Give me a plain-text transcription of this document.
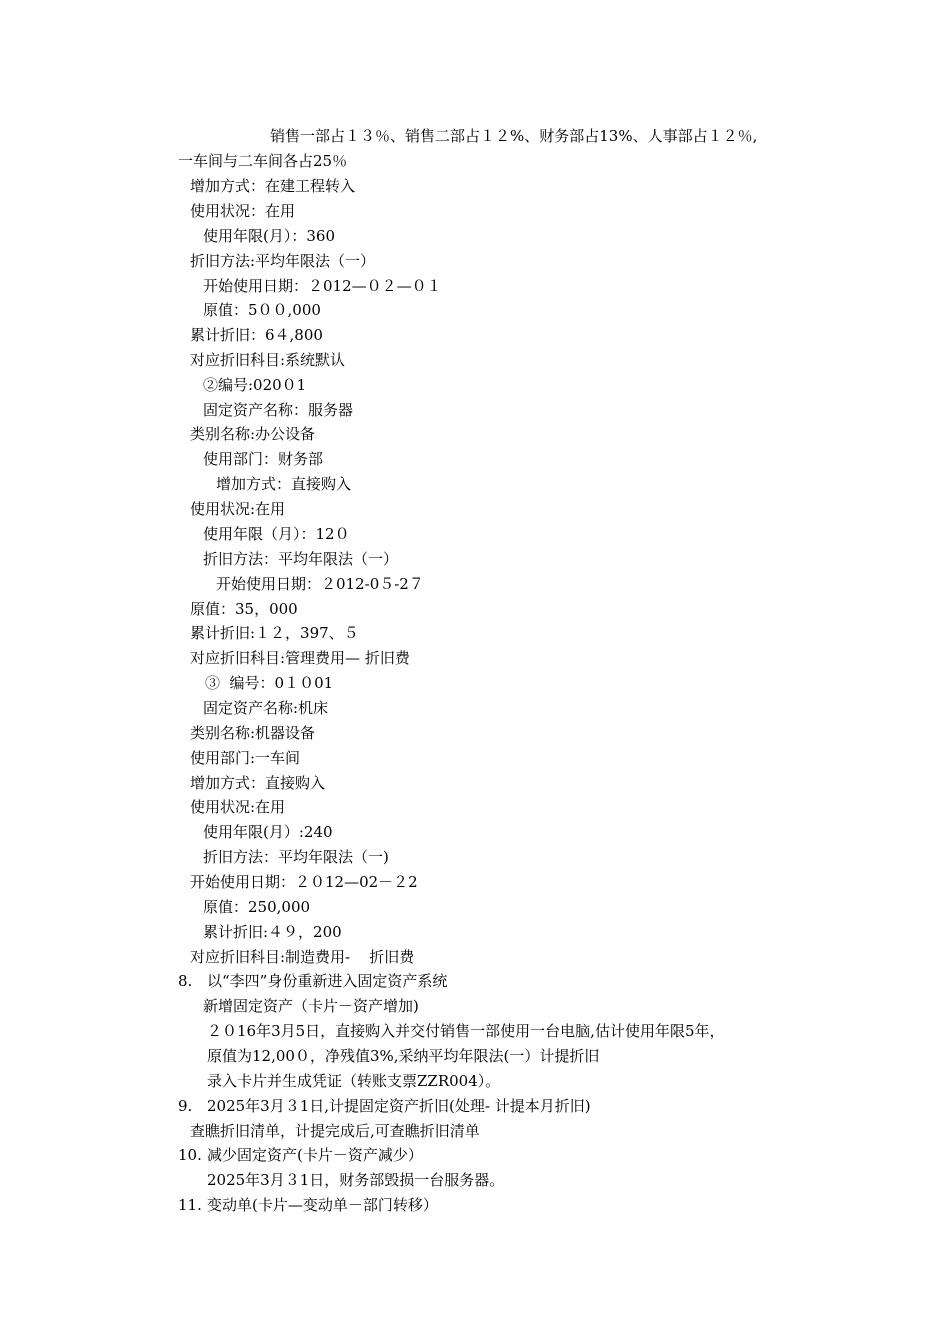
销售一部占１３％、销售二部占１２%、财务部占13%、人事部占１２％,
一车间与二车间各占25％
增加方式：在建工程转入
使用状况：在用
使用年限(月）：360
折旧方法:平均年限法（一）
开始使用日期：２012—０２—０１
原值：5００,000
累计折旧：6４,800
对应折旧科目:系统默认
②编号:020０1
固定资产名称：服务器
类别名称:办公设备
使用部门：财务部
增加方式：直接购入
使用状况:在用
使用年限（月）：12０
折旧方法：平均年限法（一）
开始使用日期：２012-0５-2７
原值：35，000
累计折旧:１２，397、５
对应折旧科目:管理费用— 折旧费
③  编号：0１０01
固定资产名称:机床
类别名称:机器设备
使用部门:一车间
增加方式：直接购入
使用状况:在用
使用年限(月）:240
折旧方法：平均年限法（一)
开始使用日期：２０12—02－２2
原值：250,000
累计折旧:４９，200
对应折旧科目:制造费用-    折旧费
8. 以“李四”身份重新进入固定资产系统
新增固定资产（卡片－资产增加)
２０16年3月5日，直接购入并交付销售一部使用一台电脑,估计使用年限5年，
原值为12,00０，净残值3%,采纳平均年限法(一）计提折旧
录入卡片并生成凭证（转账支票ZZR004）。
9. 2025年3月３1日,计提固定资产折旧(处理- 计提本月折旧)
查瞧折旧清单，计提完成后,可查瞧折旧清单
10. 减少固定资产(卡片－资产减少）
2025年3月３1日，财务部毁损一台服务器。
11. 变动单(卡片—变动单－部门转移）
